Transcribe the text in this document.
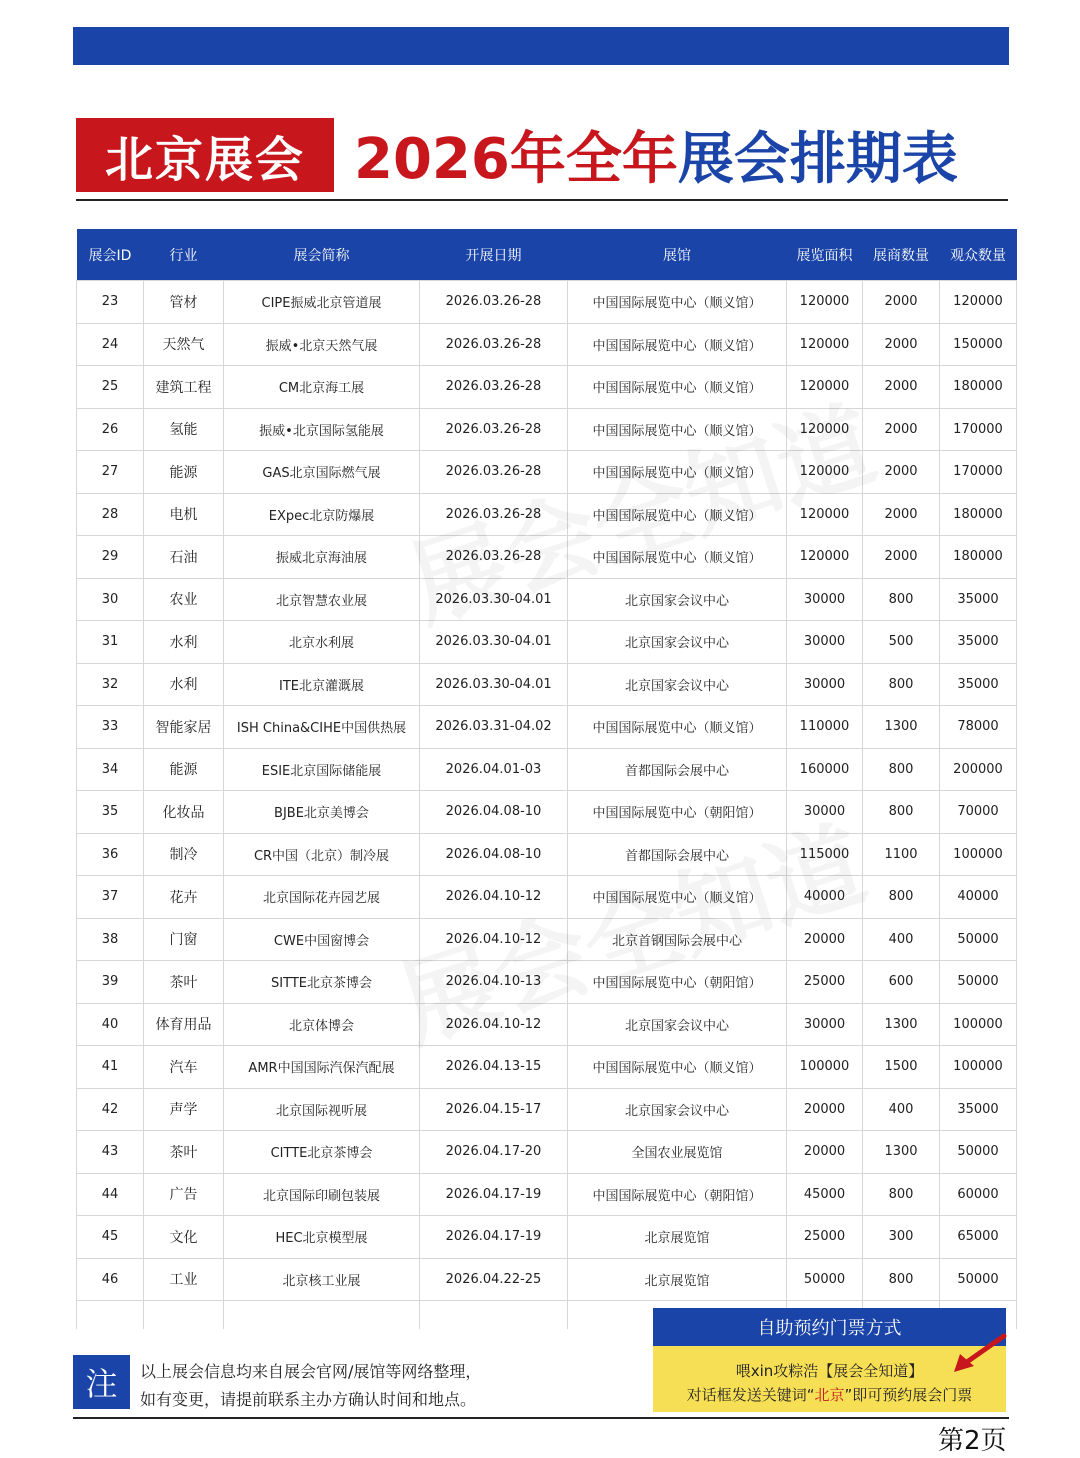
北京展会 2026年全年 展会排期表
展会ID	行业	展会简称	开展日期	展馆	展览面积	展商数量	观众数量
23	管材	CIPE振威北京管道展	2026.03.26-28	中国国际展览中心（顺义馆）	120000	2000	120000
24	天然气	振威•北京天然气展	2026.03.26-28	中国国际展览中心（顺义馆）	120000	2000	150000
25	建筑工程	CM北京海工展	2026.03.26-28	中国国际展览中心（顺义馆）	120000	2000	180000
26	氢能	振威•北京国际氢能展	2026.03.26-28	中国国际展览中心（顺义馆）	120000	2000	170000
27	能源	GAS北京国际燃气展	2026.03.26-28	中国国际展览中心（顺义馆）	120000	2000	170000
28	电机	EXpec北京防爆展	2026.03.26-28	中国国际展览中心（顺义馆）	120000	2000	180000
29	石油	振威北京海油展	2026.03.26-28	中国国际展览中心（顺义馆）	120000	2000	180000
30	农业	北京智慧农业展	2026.03.30-04.01	北京国家会议中心	30000	800	35000
31	水利	北京水利展	2026.03.30-04.01	北京国家会议中心	30000	500	35000
32	水利	ITE北京灌溉展	2026.03.30-04.01	北京国家会议中心	30000	800	35000
33	智能家居	ISH China&CIHE中国供热展	2026.03.31-04.02	中国国际展览中心（顺义馆）	110000	1300	78000
34	能源	ESIE北京国际储能展	2026.04.01-03	首都国际会展中心	160000	800	200000
35	化妆品	BJBE北京美博会	2026.04.08-10	中国国际展览中心（朝阳馆）	30000	800	70000
36	制冷	CR中国（北京）制冷展	2026.04.08-10	首都国际会展中心	115000	1100	100000
37	花卉	北京国际花卉园艺展	2026.04.10-12	中国国际展览中心（顺义馆）	40000	800	40000
38	门窗	CWE中国窗博会	2026.04.10-12	北京首钢国际会展中心	20000	400	50000
39	茶叶	SITTE北京茶博会	2026.04.10-13	中国国际展览中心（朝阳馆）	25000	600	50000
40	体育用品	北京体博会	2026.04.10-12	北京国家会议中心	30000	1300	100000
41	汽车	AMR中国国际汽保汽配展	2026.04.13-15	中国国际展览中心（顺义馆）	100000	1500	100000
42	声学	北京国际视听展	2026.04.15-17	北京国家会议中心	20000	400	35000
43	茶叶	CITTE北京茶博会	2026.04.17-20	全国农业展览馆	20000	1300	50000
44	广告	北京国际印刷包装展	2026.04.17-19	中国国际展览中心（朝阳馆）	45000	800	60000
45	文化	HEC北京模型展	2026.04.17-19	北京展览馆	25000	300	65000
46	工业	北京核工业展	2026.04.22-25	北京展览馆	50000	800	50000

注	以上展会信息均来自展会官网/展馆等网络整理，
如有变更，请提前联系主办方确认时间和地点。
自助预约门票方式
喂xin攻粽浩【展会全知道】
对话框发送关键词“北京”即可预约展会门票
第2页
